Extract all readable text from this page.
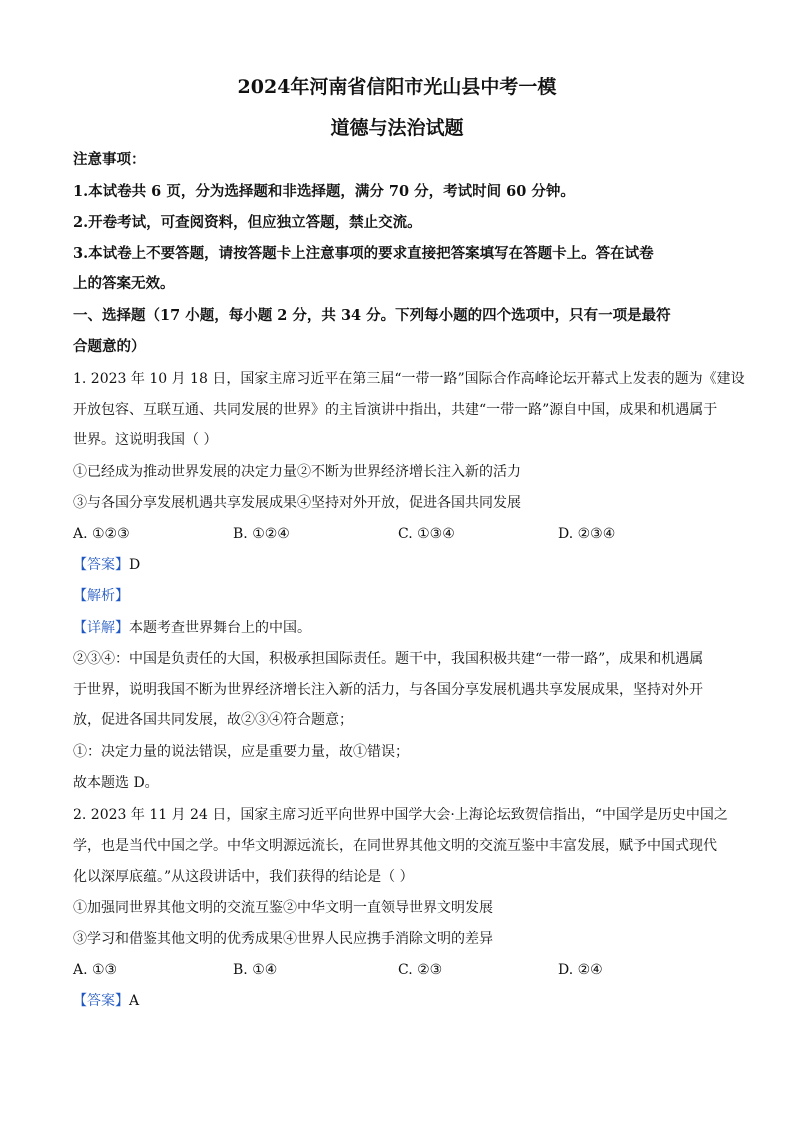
2024年河南省信阳市光山县中考一模
道德与法治试题
注意事项：
1.本试卷共 6 页，分为选择题和非选择题，满分 70 分，考试时间 60 分钟。
2.开卷考试，可查阅资料，但应独立答题，禁止交流。
3.本试卷上不要答题，请按答题卡上注意事项的要求直接把答案填写在答题卡上。答在试卷
上的答案无效。
一、选择题（17 小题，每小题 2 分，共 34 分。下列每小题的四个选项中，只有一项是最符
合题意的）
1. 2023 年 10 月 18 日，国家主席习近平在第三届“一带一路”国际合作高峰论坛开幕式上发表的题为《建设
开放包容、互联互通、共同发展的世界》的主旨演讲中指出，共建“一带一路”源自中国，成果和机遇属于
世界。这说明我国（ ）
①已经成为推动世界发展的决定力量②不断为世界经济增长注入新的活力
③与各国分享发展机遇共享发展成果④坚持对外开放，促进各国共同发展
A. ①②③	B. ①②④	C. ①③④	D. ②③④
【答案】D
【解析】
【详解】本题考查世界舞台上的中国。
②③④：中国是负责任的大国，积极承担国际责任。题干中，我国积极共建“一带一路”，成果和机遇属
于世界，说明我国不断为世界经济增长注入新的活力，与各国分享发展机遇共享发展成果，坚持对外开
放，促进各国共同发展，故②③④符合题意；
①：决定力量的说法错误，应是重要力量，故①错误；
故本题选 D。
2. 2023 年 11 月 24 日，国家主席习近平向世界中国学大会·上海论坛致贺信指出，“中国学是历史中国之
学，也是当代中国之学。中华文明源远流长，在同世界其他文明的交流互鉴中丰富发展，赋予中国式现代
化以深厚底蕴。”从这段讲话中，我们获得的结论是（ ）
①加强同世界其他文明的交流互鉴②中华文明一直领导世界文明发展
③学习和借鉴其他文明的优秀成果④世界人民应携手消除文明的差异
A. ①③	B. ①④	C. ②③	D. ②④
【答案】A
